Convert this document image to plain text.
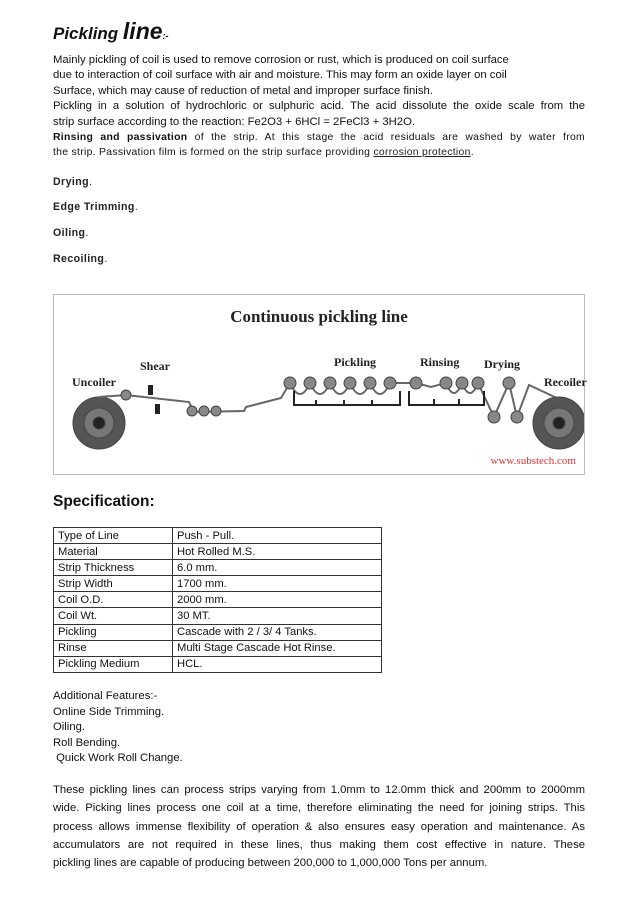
Pickling line:-
Mainly pickling of coil is used to remove corrosion or rust, which is produced on coil surface
due to interaction of coil surface with air and moisture. This may form an oxide layer on coil
Surface, which may cause of reduction of metal and improper surface finish.
Pickling in a solution of hydrochloric or sulphuric acid. The acid dissolute the oxide scale from the
strip surface according to the reaction: Fe2O3 + 6HCl = 2FeCl3 + 3H2O.
Rinsing and passivation of the strip. At this stage the acid residuals are washed by water from
the strip. Passivation film is formed on the strip surface providing corrosion protection.
Drying.
Edge Trimming.
Oiling.
Recoiling.
Continuous pickling line
Uncoiler
Shear	Pickling	Rinsing Drying
Recoiler
www.substech.com
Specification:
Type of Line	Push - Pull.
Material	Hot Rolled M.S.
Strip Thickness	6.0 mm.
Strip Width	1700 mm.
Coil O.D.	2000 mm.
Coil Wt.	30 MT.
Pickling	Cascade with 2 / 3/ 4 Tanks.
Rinse	Multi Stage Cascade Hot Rinse.
Pickling Medium	HCL.
Additional Features:-
Online Side Trimming.
Oiling.
Roll Bending.
Quick Work Roll Change.
These pickling lines can process strips varying from 1.0mm to 12.0mm thick and 200mm to 2000mm
wide. Picking lines process one coil at a time, therefore eliminating the need for joining strips. This
process allows immense flexibility of operation & also ensures easy operation and maintenance. As
accumulators are not required in these lines, thus making them cost effective in nature. These
pickling lines are capable of producing between 200,000 to 1,000,000 Tons per annum.
